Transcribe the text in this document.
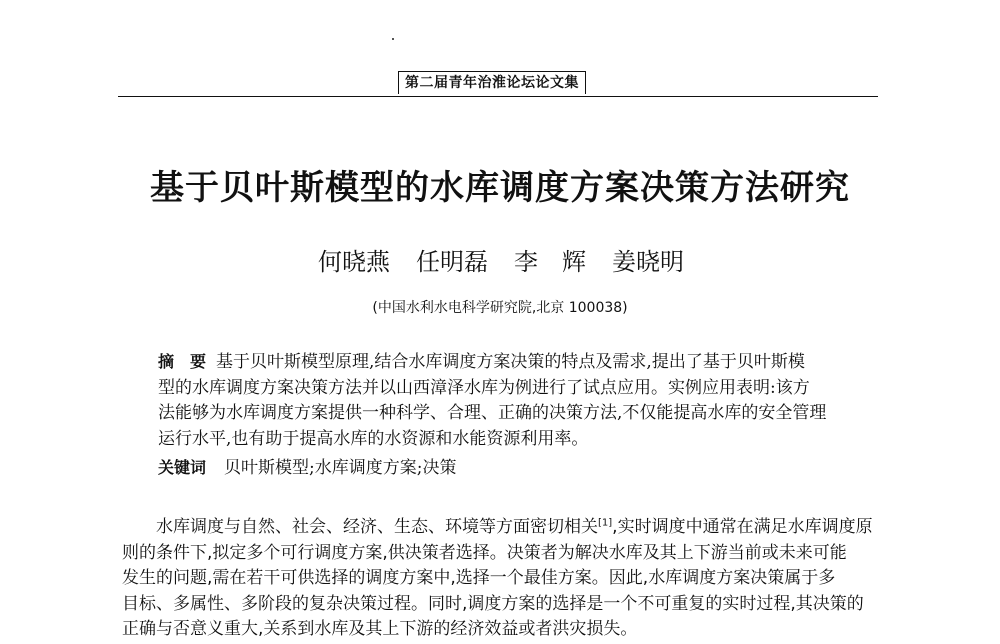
第二届青年治淮论坛论文集
基于贝叶斯模型的水库调度方案决策方法研究
何晓燕 任明磊 李　辉 姜晓明
(中国水利水电科学研究院,北京 100038)
摘　要 基于贝叶斯模型原理,结合水库调度方案决策的特点及需求,提出了基于贝叶斯模
型的水库调度方案决策方法并以山西漳泽水库为例进行了试点应用。实例应用表明:该方
法能够为水库调度方案提供一种科学、合理、正确的决策方法,不仅能提高水库的安全管理
运行水平,也有助于提高水库的水资源和水能资源利用率。
关键词 贝叶斯模型;水库调度方案;决策
水库调度与自然、社会、经济、生态、环境等方面密切相关[1],实时调度中通常在满足水库调度原
则的条件下,拟定多个可行调度方案,供决策者选择。决策者为解决水库及其上下游当前或未来可能
发生的问题,需在若干可供选择的调度方案中,选择一个最佳方案。因此,水库调度方案决策属于多
目标、多属性、多阶段的复杂决策过程。同时,调度方案的选择是一个不可重复的实时过程,其决策的
正确与否意义重大,关系到水库及其上下游的经济效益或者洪灾损失。
